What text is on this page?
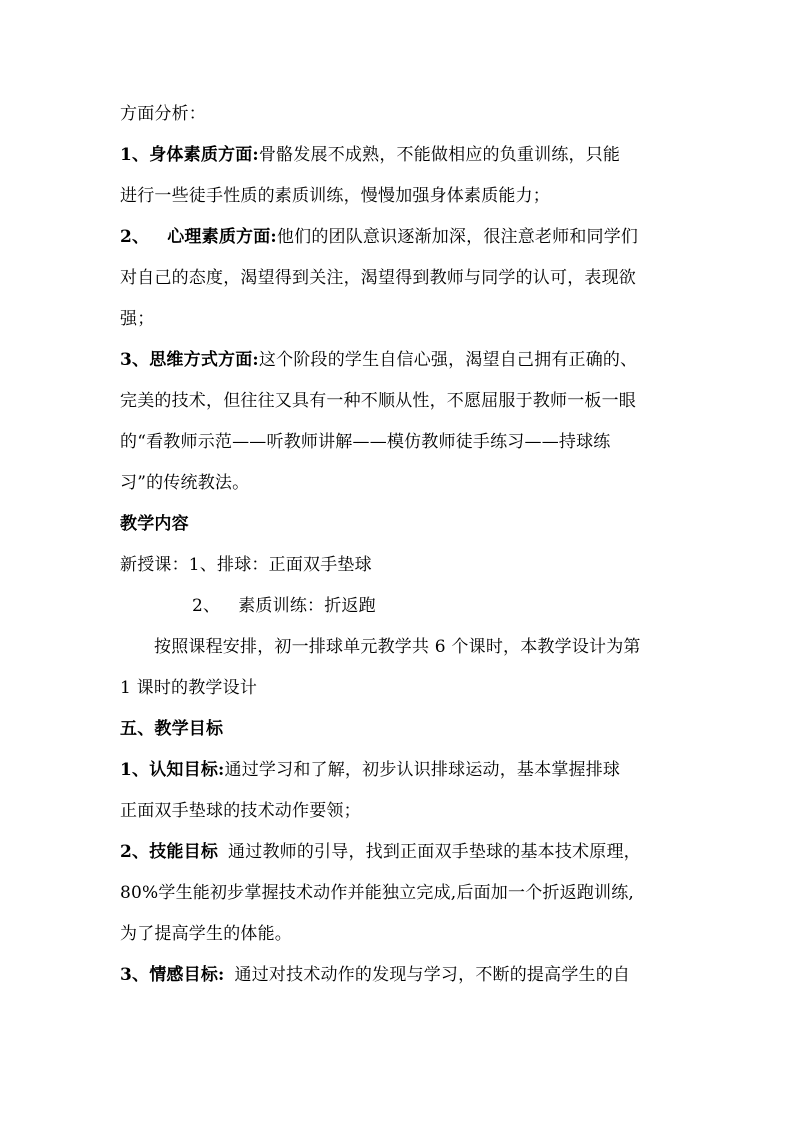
方面分析：
1、身体素质方面:骨骼发展不成熟，不能做相应的负重训练，只能
进行一些徒手性质的素质训练，慢慢加强身体素质能力；
2、 心理素质方面:他们的团队意识逐渐加深，很注意老师和同学们
对自己的态度，渴望得到关注，渴望得到教师与同学的认可，表现欲
强；
3、思维方式方面:这个阶段的学生自信心强，渴望自己拥有正确的、
完美的技术，但往往又具有一种不顺从性，不愿屈服于教师一板一眼
的“看教师示范——听教师讲解——模仿教师徒手练习——持球练
习”的传统教法。
教学内容
新授课：1、排球：正面双手垫球
2、 素质训练：折返跑
按照课程安排，初一排球单元教学共 6 个课时，本教学设计为第
1 课时的教学设计
五、教学目标
1、认知目标:通过学习和了解，初步认识排球运动，基本掌握排球
正面双手垫球的技术动作要领；
2、技能目标 通过教师的引导，找到正面双手垫球的基本技术原理，
80%学生能初步掌握技术动作并能独立完成,后面加一个折返跑训练,
为了提高学生的体能。
3、情感目标: 通过对技术动作的发现与学习，不断的提高学生的自
